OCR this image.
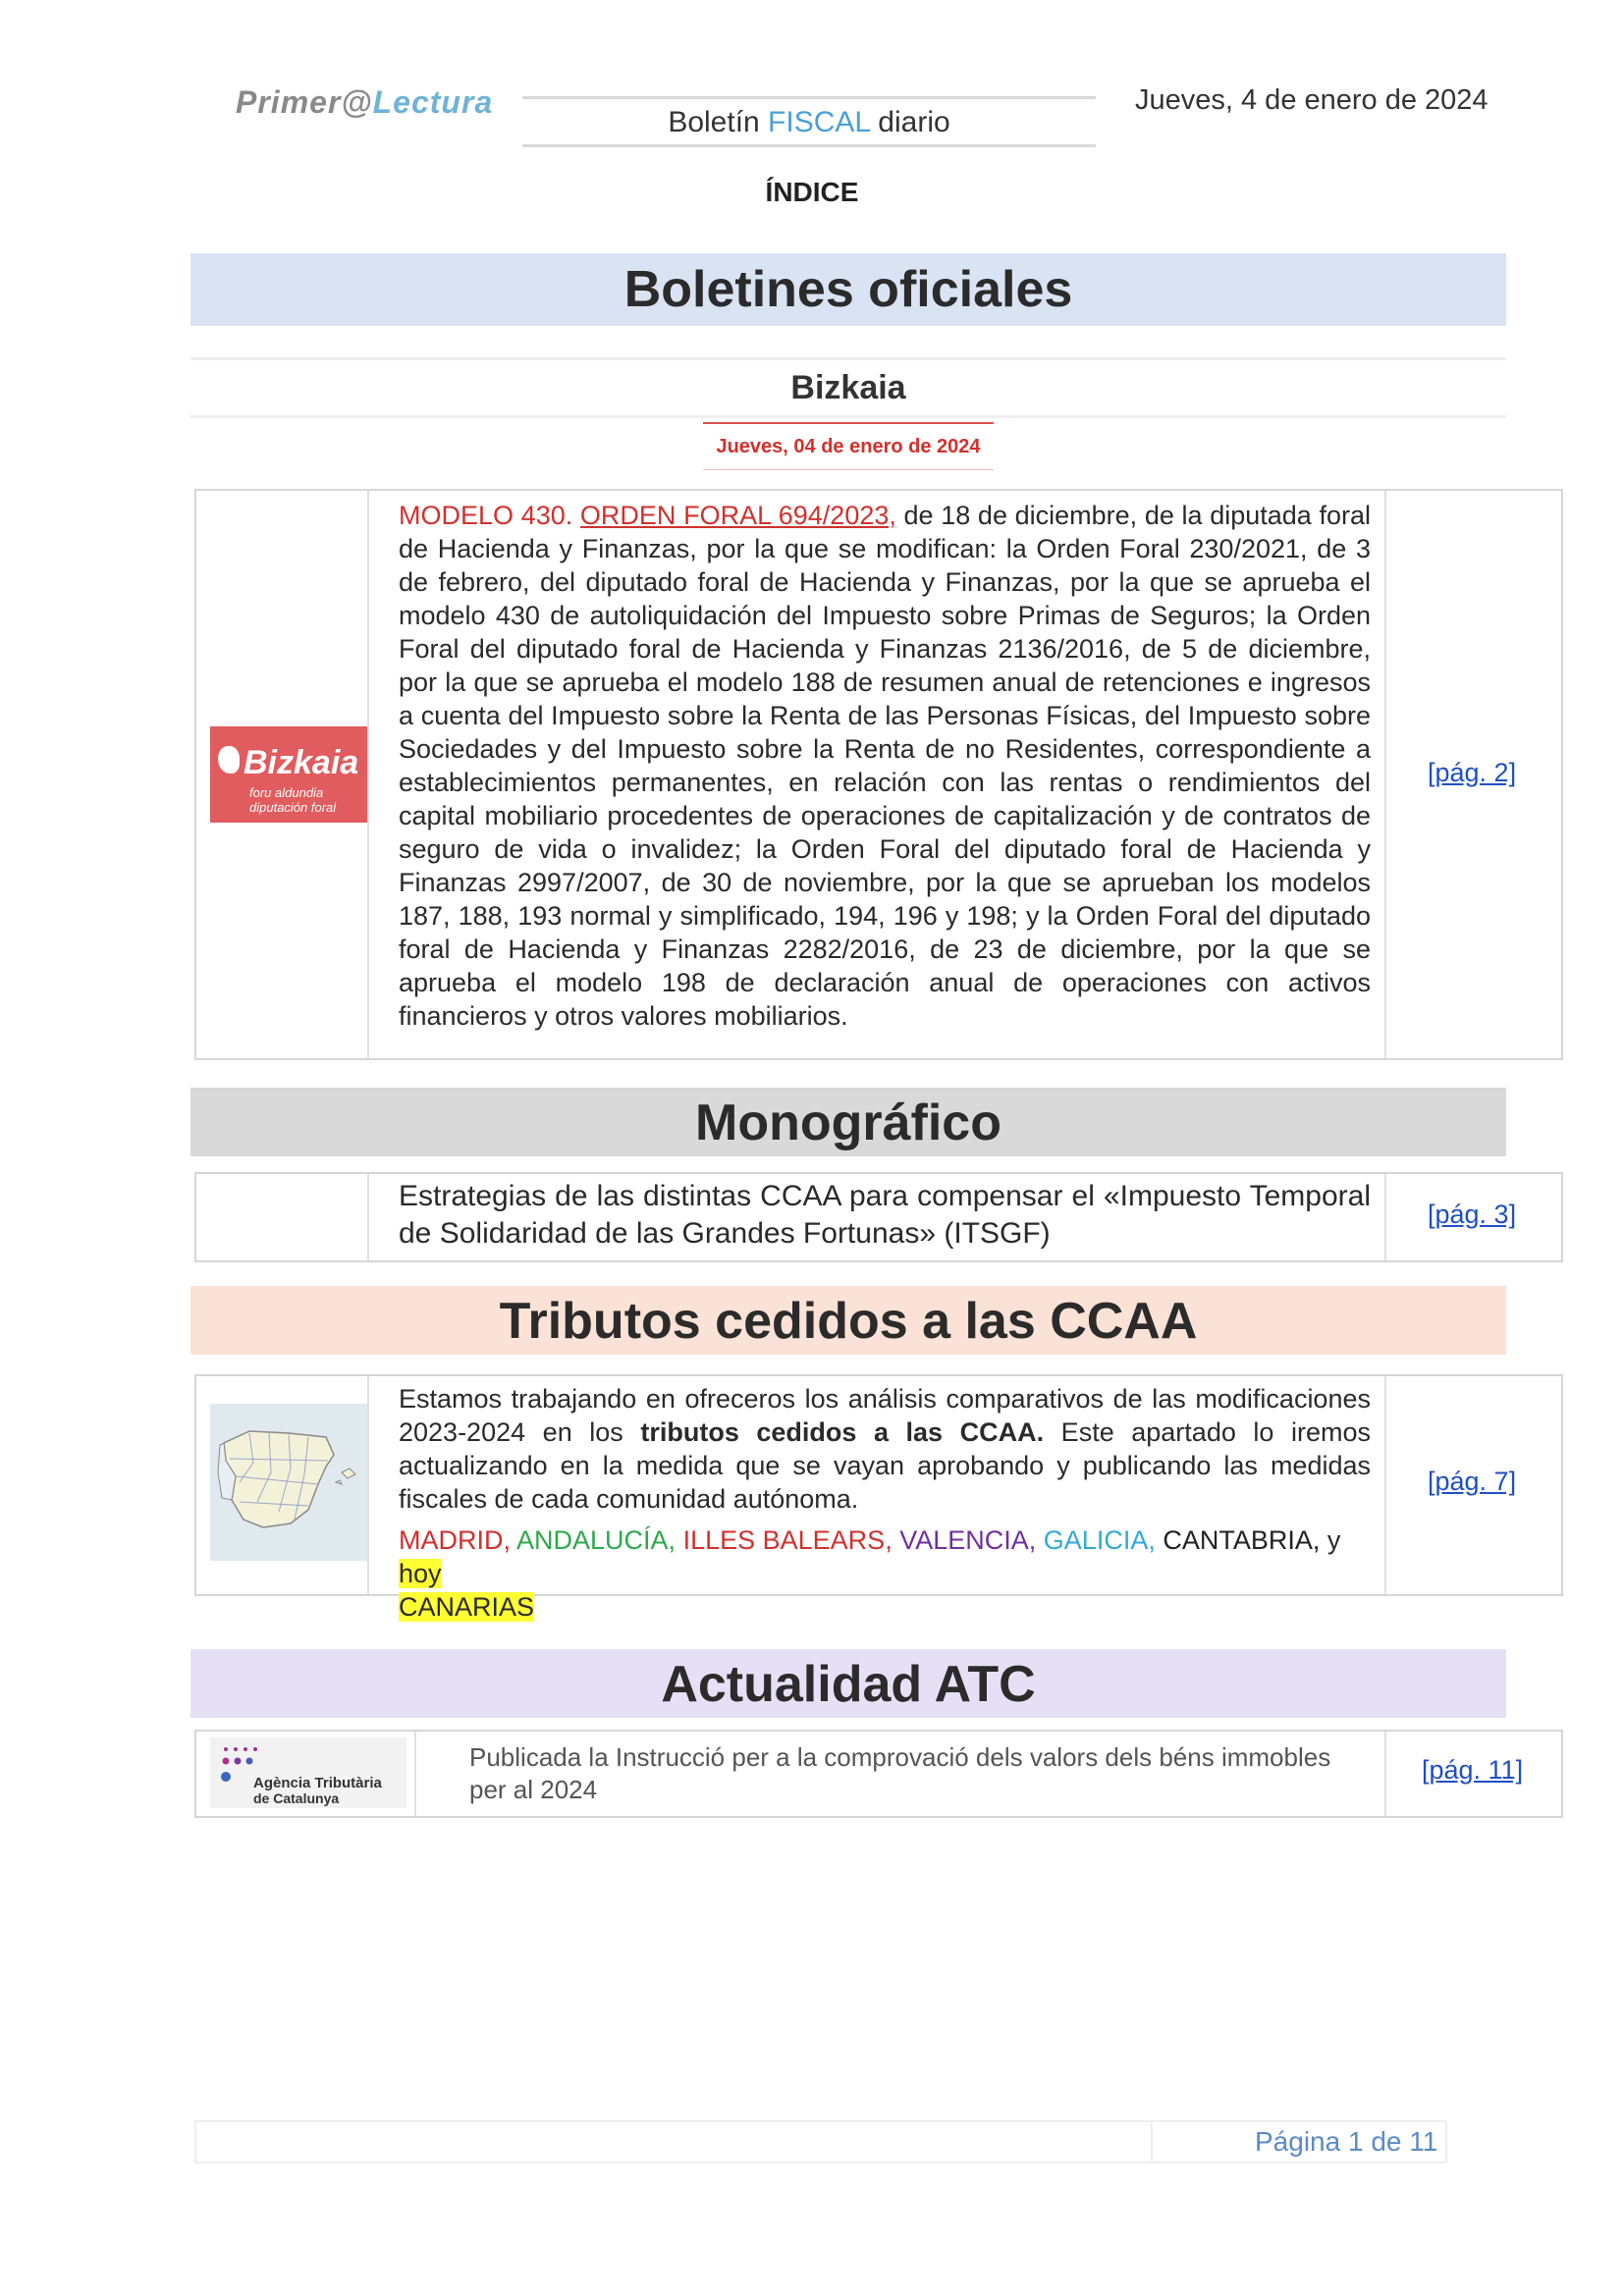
Primer@Lectura
Boletín FISCAL diario
Jueves, 4 de enero de 2024
ÍNDICE
Boletines oficiales
Bizkaia
Jueves, 04 de enero de 2024
MODELO 430. ORDEN FORAL 694/2023, de 18 de diciembre, de la diputada foral de Hacienda y Finanzas, por la que se modifican: la Orden Foral 230/2021, de 3 de febrero, del diputado foral de Hacienda y Finanzas, por la que se aprueba el modelo 430 de autoliquidación del Impuesto sobre Primas de Seguros; la Orden Foral del diputado foral de Hacienda y Finanzas 2136/2016, de 5 de diciembre, por la que se aprueba el modelo 188 de resumen anual de retenciones e ingresos a cuenta del Impuesto sobre la Renta de las Personas Físicas, del Impuesto sobre Sociedades y del Impuesto sobre la Renta de no Residentes, correspondiente a establecimientos permanentes, en relación con las rentas o rendimientos del capital mobiliario procedentes de operaciones de capitalización y de contratos de seguro de vida o invalidez; la Orden Foral del diputado foral de Hacienda y Finanzas 2997/2007, de 30 de noviembre, por la que se aprueban los modelos 187, 188, 193 normal y simplificado, 194, 196 y 198; y la Orden Foral del diputado foral de Hacienda y Finanzas 2282/2016, de 23 de diciembre, por la que se aprueba el modelo 198 de declaración anual de operaciones con activos financieros y otros valores mobiliarios.
[pág. 2]
Bizkaia
foru aldundia
diputación foral
Monográfico
Estrategias de las distintas CCAA para compensar el «Impuesto Temporal de Solidaridad de las Grandes Fortunas» (ITSGF)
[pág. 3]
Tributos cedidos a las CCAA
Estamos trabajando en ofreceros los análisis comparativos de las modificaciones 2023-2024 en los tributos cedidos a las CCAA. Este apartado lo iremos actualizando en la medida que se vayan aprobando y publicando las medidas fiscales de cada comunidad autónoma.
MADRID, ANDALUCÍA, ILLES BALEARS, VALENCIA, GALICIA, CANTABRIA, y hoy
CANARIAS
[pág. 7]
Actualidad ATC
Publicada la Instrucció per a la comprovació dels valors dels béns immobles per al 2024
[pág. 11]
Agència Tributària
de Catalunya
Página 1 de 11
